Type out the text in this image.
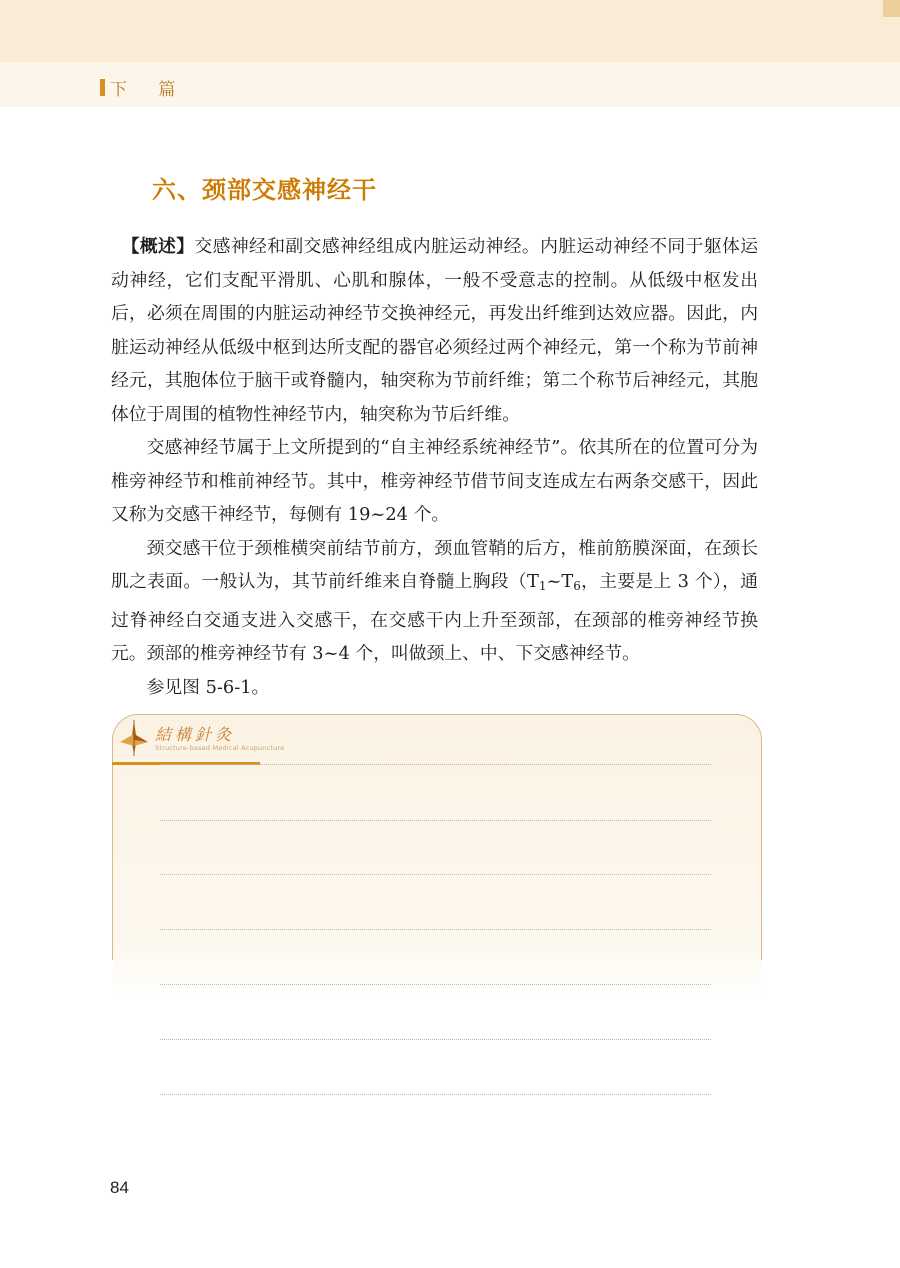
下 篇
六、颈部交感神经干

【概述】交感神经和副交感神经组成内脏运动神经。内脏运动神经不同于躯体运动神经，它们支配平滑肌、心肌和腺体，一般不受意志的控制。从低级中枢发出后，必须在周围的内脏运动神经节交换神经元，再发出纤维到达效应器。因此，内脏运动神经从低级中枢到达所支配的器官必须经过两个神经元，第一个称为节前神经元，其胞体位于脑干或脊髓内，轴突称为节前纤维；第二个称节后神经元，其胞体位于周围的植物性神经节内，轴突称为节后纤维。

交感神经节属于上文所提到的“自主神经系统神经节”。依其所在的位置可分为椎旁神经节和椎前神经节。其中，椎旁神经节借节间支连成左右两条交感干，因此又称为交感干神经节，每侧有 19~24 个。

颈交感干位于颈椎横突前结节前方，颈血管鞘的后方，椎前筋膜深面，在颈长肌之表面。一般认为，其节前纤维来自脊髓上胸段（$T_1\sim T_6$，主要是上 3 个），通过脊神经白交通支进入交感干，在交感干内上升至颈部，在颈部的椎旁神经节换元。颈部的椎旁神经节有 3~4 个，叫做颈上、中、下交感神经节。

参见图 5-6-1。

結構針灸
Structure-based Medical Acupuncture
84
